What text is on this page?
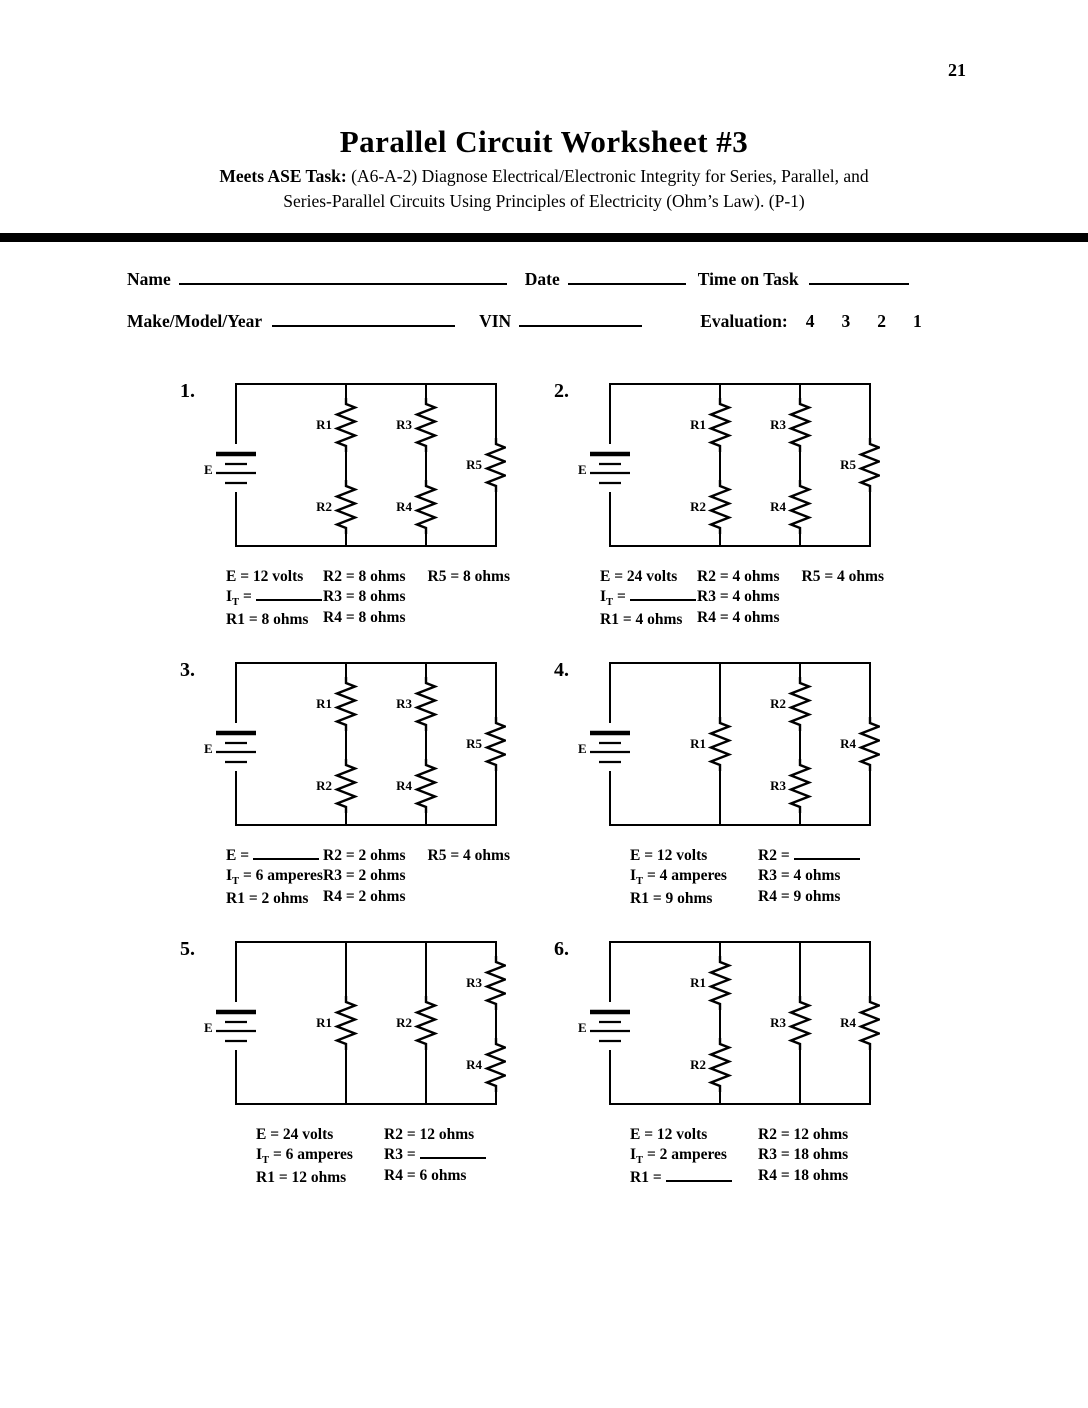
21
Parallel Circuit Worksheet #3

Meets ASE Task: (A6-A-2) Diagnose Electrical/Electronic Integrity for Series, Parallel, and
Series-Parallel Circuits Using Principles of Electricity (Ohm’s Law). (P-1)

Name	Date	Time on Task
Make/Model/Year	VIN	Evaluation: 4 3 2 1
1.
E
R1
R2
R3
R4
R5
E = 12 volts
$I_T$ =
R1 = 8 ohms
R2 = 8 ohms
R3 = 8 ohms
R4 = 8 ohms
R5 = 8 ohms
2.
E
R1
R2
R3
R4
R5
E = 24 volts
$I_T$ =
R1 = 4 ohms
R2 = 4 ohms
R3 = 4 ohms
R4 = 4 ohms
R5 = 4 ohms
3.
E
R1
R2
R3
R4
R5
E =
$I_T = 6$ amperes
R1 = 2 ohms
R2 = 2 ohms
R3 = 2 ohms
R4 = 2 ohms
R5 = 4 ohms
4.
E	R1
R2
R3
R4
E = 12 volts
$I_T = 4$ amperes
R1 = 9 ohms
R2 =
R3 = 4 ohms
R4 = 9 ohms
5.
E	R1	R2
R3
R4
E = 24 volts
$I_T = 6$ amperes
R1 = 12 ohms
R2 = 12 ohms
R3 =
R4 = 6 ohms
6.
E
R1
R2
R3	R4
E = 12 volts
$I_T = 2$ amperes
R1 =
R2 = 12 ohms
R3 = 18 ohms
R4 = 18 ohms
